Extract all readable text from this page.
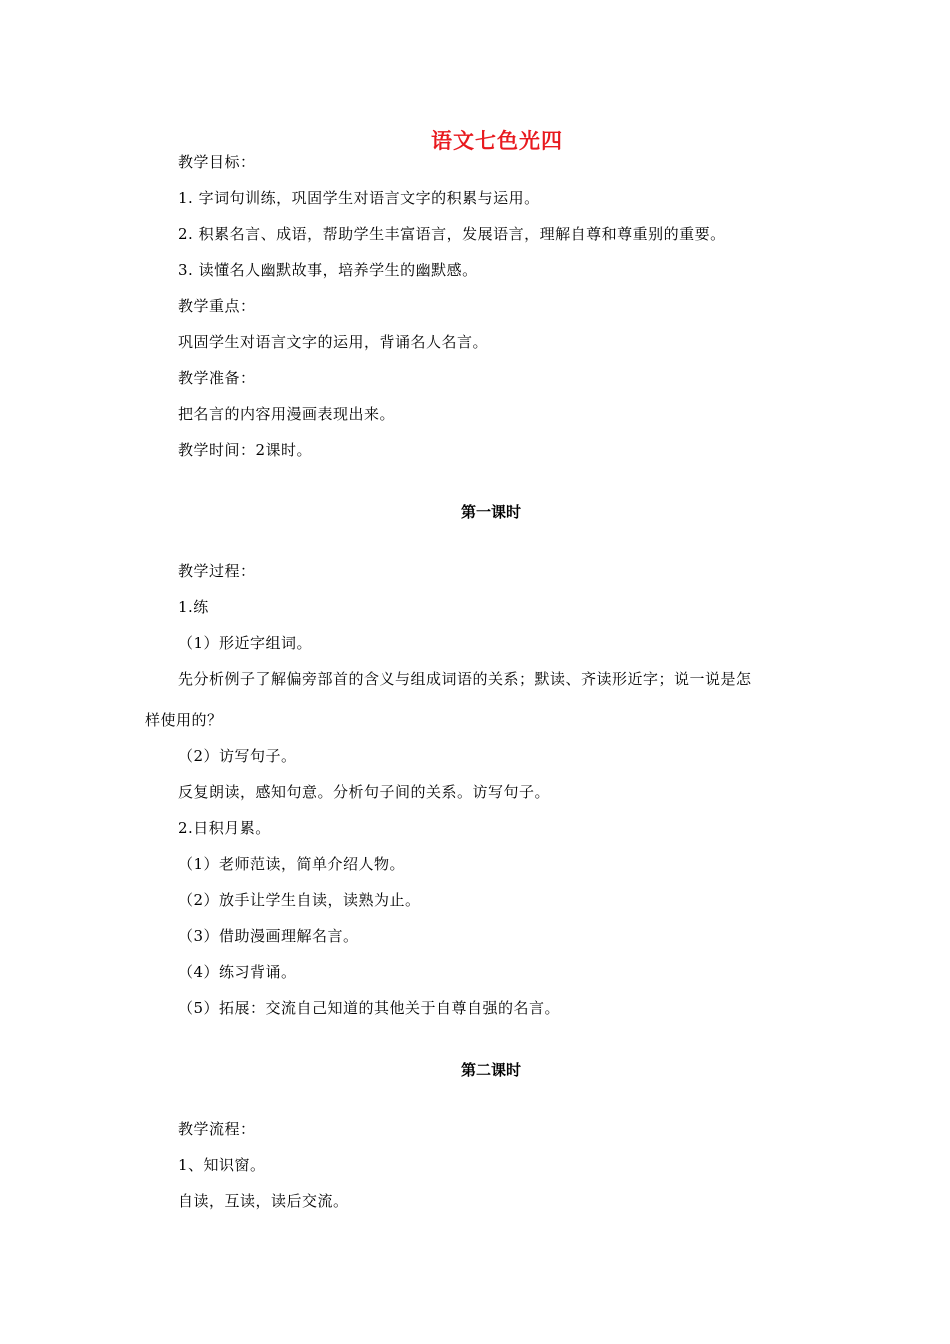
语文七色光四
教学目标：
1. 字词句训练，巩固学生对语言文字的积累与运用。
2. 积累名言、成语，帮助学生丰富语言，发展语言，理解自尊和尊重别的重要。
3. 读懂名人幽默故事，培养学生的幽默感。
教学重点：
巩固学生对语言文字的运用，背诵名人名言。
教学准备：
把名言的内容用漫画表现出来。
教学时间：2课时。
第一课时
教学过程：
1.练
（1）形近字组词。
先分析例子了解偏旁部首的含义与组成词语的关系；默读、齐读形近字；说一说是怎
样使用的？
（2）访写句子。
反复朗读，感知句意。分析句子间的关系。访写句子。
2.日积月累。
（1）老师范读，简单介绍人物。
（2）放手让学生自读，读熟为止。
（3）借助漫画理解名言。
（4）练习背诵。
（5）拓展：交流自己知道的其他关于自尊自强的名言。
第二课时
教学流程：
1、知识窗。
自读，互读，读后交流。
